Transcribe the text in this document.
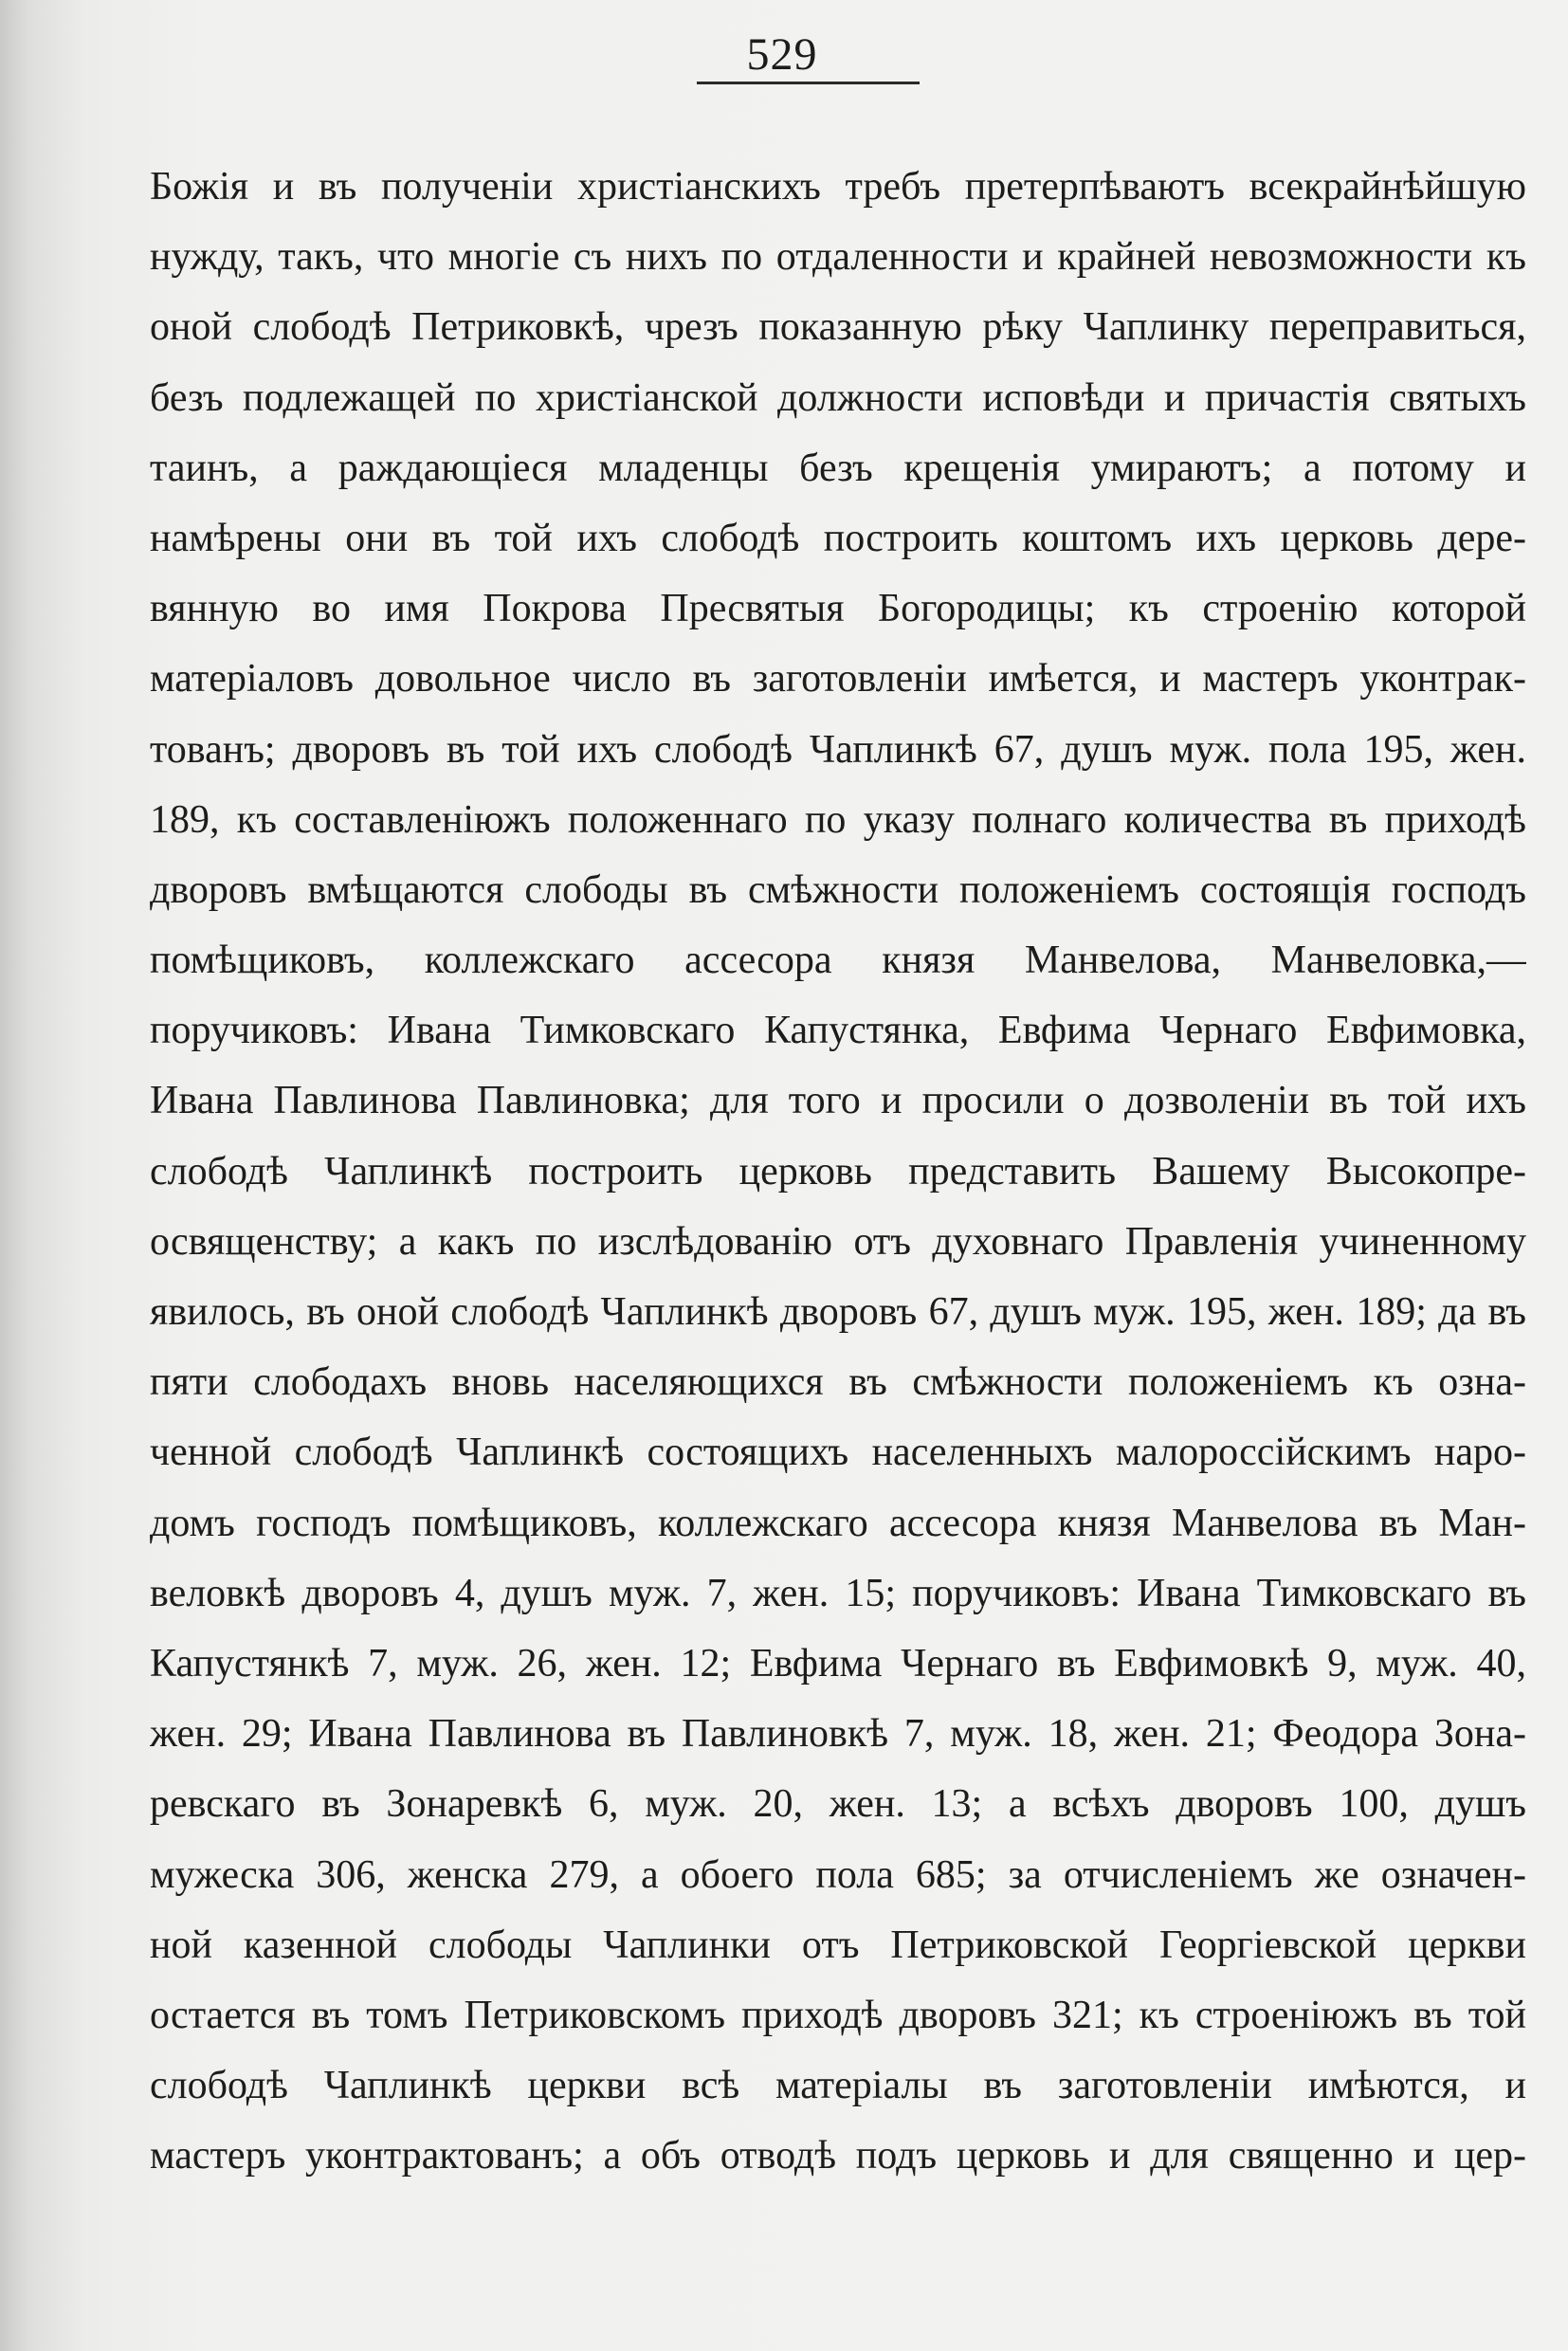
529
Божія и въ полученіи христіанскихъ требъ претерпѣваютъ всекрайнѣйшую
нужду, такъ, что многіе съ нихъ по отдаленности и крайней невозможности къ
оной слободѣ Петриковкѣ, чрезъ показанную рѣку Чаплинку переправиться,
безъ подлежащей по христіанской должности исповѣди и причастія святыхъ
таинъ, а раждающіеся младенцы безъ крещенія умираютъ; а потому и
намѣрены они въ той ихъ слободѣ построить коштомъ ихъ церковь дере-
вянную во имя Покрова Пресвятыя Богородицы; къ строенію которой
матеріаловъ довольное число въ заготовленіи имѣется, и мастеръ уконтрак-
тованъ; дворовъ въ той ихъ слободѣ Чаплинкѣ 67, душъ муж. пола 195, жен.
189, къ составленіюжъ положеннаго по указу полнаго количества въ приходѣ
дворовъ вмѣщаются слободы въ смѣжности положеніемъ состоящія господъ
помѣщиковъ, коллежскаго ассесора князя Манвелова, Манвеловка,—
поручиковъ: Ивана Тимковскаго Капустянка, Евфима Чернаго Евфимовка,
Ивана Павлинова Павлиновка; для того и просили о дозволеніи въ той ихъ
слободѣ Чаплинкѣ построить церковь представить Вашему Высокопре-
освященству; а какъ по изслѣдованію отъ духовнаго Правленія учиненному
явилось, въ оной слободѣ Чаплинкѣ дворовъ 67, душъ муж. 195, жен. 189; да въ
пяти слободахъ вновь населяющихся въ смѣжности положеніемъ къ озна-
ченной слободѣ Чаплинкѣ состоящихъ населенныхъ малороссійскимъ наро-
домъ господъ помѣщиковъ, коллежскаго ассесора князя Манвелова въ Ман-
веловкѣ дворовъ 4, душъ муж. 7, жен. 15; поручиковъ: Ивана Тимковскаго въ
Капустянкѣ 7, муж. 26, жен. 12; Евфима Чернаго въ Евфимовкѣ 9, муж. 40,
жен. 29; Ивана Павлинова въ Павлиновкѣ 7, муж. 18, жен. 21; Феодора Зона-
ревскаго въ Зонаревкѣ 6, муж. 20, жен. 13; а всѣхъ дворовъ 100, душъ
мужеска 306, женска 279, а обоего пола 685; за отчисленіемъ же означен-
ной казенной слободы Чаплинки отъ Петриковской Георгіевской церкви
остается въ томъ Петриковскомъ приходѣ дворовъ 321; къ строеніюжъ въ той
слободѣ Чаплинкѣ церкви всѣ матеріалы въ заготовленіи имѣются, и
мастеръ уконтрактованъ; а объ отводѣ подъ церковь и для священно и цер-
